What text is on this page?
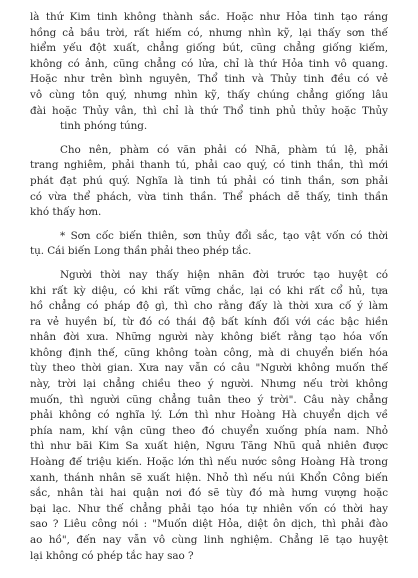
là thứ Kim tinh không thành sắc. Hoặc như Hỏa tinh tạo ráng
hồng cả bầu trời, rất hiếm có, nhưng nhìn kỹ, lại thấy sơn thế
hiểm yếu đột xuất, chẳng giống bút, cũng chẳng giống kiếm,
không có ảnh, cũng chẳng có lửa, chỉ là thứ Hỏa tinh vô quang.
Hoặc như trên bình nguyên, Thổ tinh và Thủy tinh đều có vẻ
vô cùng tôn quý, nhưng nhìn kỹ, thấy chúng chẳng giống lâu
đài hoặc Thủy vân, thì chỉ là thứ Thổ tinh phủ thủy hoặc Thủy
tinh phóng túng.
Cho nên, phàm có văn phải có Nhã, phàm tú lệ, phải
trang nghiêm, phải thanh tú, phải cao quý, có tinh thần, thì mới
phát đạt phú quý. Nghĩa là tinh tú phải có tinh thần, sơn phải
có vừa thể phách, vừa tinh thần. Thể phách dễ thấy, tinh thần
khó thấy hơn.
* Sơn cốc biến thiên, sơn thủy đổi sắc, tạo vật vốn có thời
tụ. Cái biến Long thần phải theo phép tắc.
Người thời nay thấy hiện nhãn đời trước tạo huyệt có
khi rất kỳ diệu, có khi rất vững chắc, lại có khi rất cổ hủ, tựa
hồ chẳng có pháp độ gì, thì cho rằng đấy là thời xưa cố ý làm
ra vẻ huyền bí, từ đó có thái độ bất kính đối với các bậc hiền
nhân đời xưa. Những người này không biết rằng tạo hóa vốn
không định thế, cũng không toàn công, mà di chuyển biến hóa
tùy theo thời gian. Xưa nay vẫn có câu "Người không muốn thế
này, trời lại chẳng chiều theo ý người. Nhưng nếu trời không
muốn, thì người cũng chẳng tuân theo ý trời". Câu này chẳng
phải không có nghĩa lý. Lớn thì như Hoàng Hà chuyển dịch về
phía nam, khí vận cũng theo đó chuyển xuống phía nam. Nhỏ
thì như bãi Kim Sa xuất hiện, Ngưu Tăng Nhũ quả nhiên được
Hoàng đế triệu kiến. Hoặc lớn thì nếu nước sông Hoàng Hà trong
xanh, thánh nhân sẽ xuất hiện. Nhỏ thì nếu núi Khổn Công biến
sắc, nhân tài hai quận nơi đó sẽ tùy đó mà hưng vượng hoặc
bại lạc. Như thế chẳng phải tạo hóa tự nhiên vốn có thời hay
sao ? Liêu công nói : "Muốn diệt Hỏa, diệt ôn dịch, thì phải đào
ao hồ", đến nay vẫn vô cùng linh nghiệm. Chẳng lẽ tạo huyệt
lại không có phép tắc hay sao ?
